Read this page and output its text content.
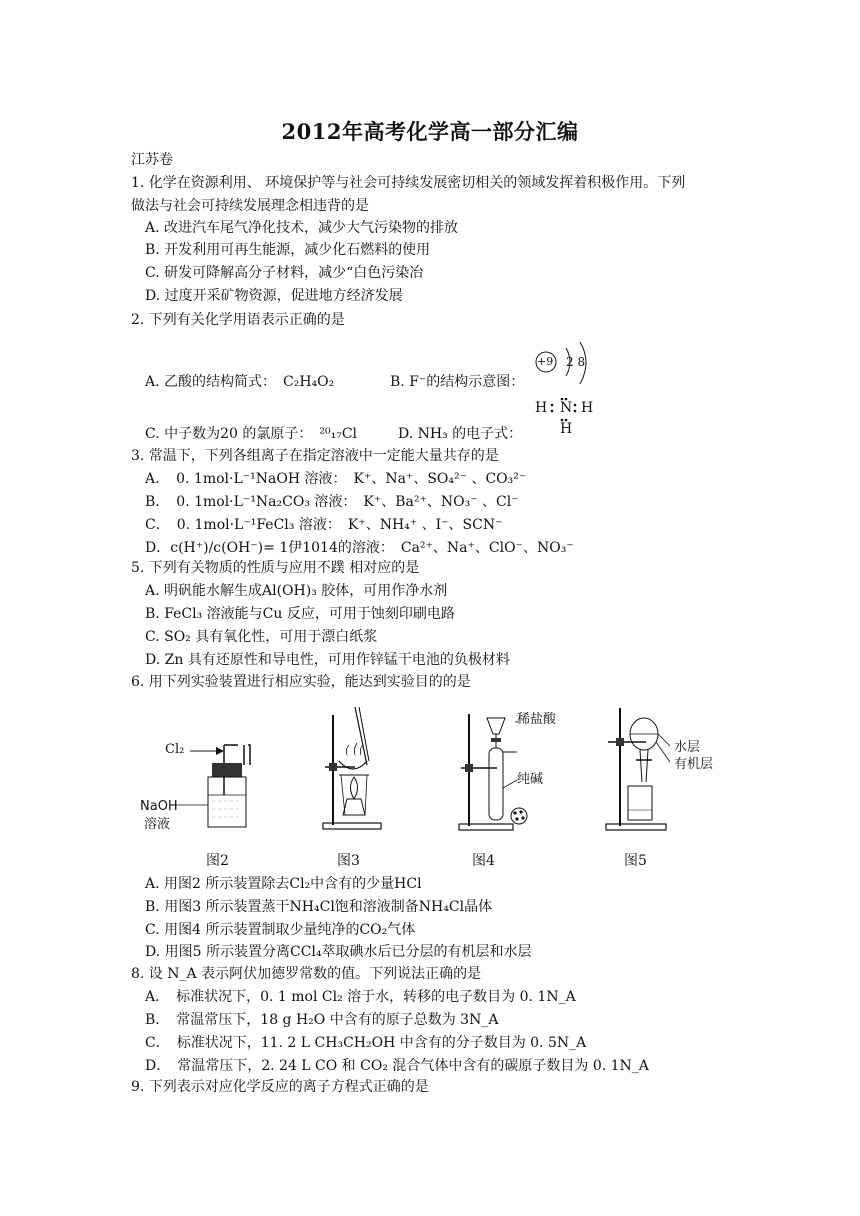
2012年高考化学高一部分汇编
江苏卷
1. 化学在资源利用、 环境保护等与社会可持续发展密切相关的领域发挥着积极作用。下列
做法与社会可持续发展理念相违背的是
A. 改进汽车尾气净化技术，减少大气污染物的排放
B. 开发利用可再生能源，减少化石燃料的使用
C. 研发可降解高分子材料，减少“白色污染冶
D. 过度开采矿物资源，促进地方经济发展
2. 下列有关化学用语表示正确的是
A. 乙酸的结构简式：　C₂H₄O₂	B. F⁻的结构示意图：
+9 2 8
C. 中子数为20 的氯原子：　²⁰₁₇Cl	D. NH₃ 的电子式：
H N H
H
3. 常温下，下列各组离子在指定溶液中一定能大量共存的是
A．　0. 1mol·L⁻¹NaOH 溶液：　K⁺、Na⁺、SO₄²⁻ 、CO₃²⁻
B．　0. 1mol·L⁻¹Na₂CO₃ 溶液：　K⁺、Ba²⁺、NO₃⁻ 、Cl⁻
C．　0. 1mol·L⁻¹FeCl₃ 溶液：　K⁺、NH₄⁺ 、I⁻、SCN⁻
D．c(H⁺)/c(OH⁻)= 1伊1014的溶液：　Ca²⁺、Na⁺、ClO⁻、NO₃⁻
5. 下列有关物质的性质与应用不蹼 相对应的是
A. 明矾能水解生成Al(OH)₃ 胶体，可用作净水剂
B. FeCl₃ 溶液能与Cu 反应，可用于蚀刻印刷电路
C. SO₂ 具有氧化性，可用于漂白纸浆
D. Zn 具有还原性和导电性，可用作锌锰干电池的负极材料
6. 用下列实验装置进行相应实验，能达到实验目的的是
Cl₂
NaOH
溶液
稀盐酸
纯碱
水层
有机层
图2	图3	图4	图5
A. 用图2 所示装置除去Cl₂中含有的少量HCl
B. 用图3 所示装置蒸干NH₄Cl饱和溶液制备NH₄Cl晶体
C. 用图4 所示装置制取少量纯净的CO₂气体
D. 用图5 所示装置分离CCl₄萃取碘水后已分层的有机层和水层
8. 设 N_A 表示阿伏加德罗常数的值。下列说法正确的是
A．　标准状况下，0. 1 mol Cl₂ 溶于水，转移的电子数目为 0. 1N_A
B．　常温常压下，18 g H₂O 中含有的原子总数为 3N_A
C．　标准状况下，11. 2 L CH₃CH₂OH 中含有的分子数目为 0. 5N_A
D．　常温常压下，2. 24 L CO 和 CO₂ 混合气体中含有的碳原子数目为 0. 1N_A
9. 下列表示对应化学反应的离子方程式正确的是
